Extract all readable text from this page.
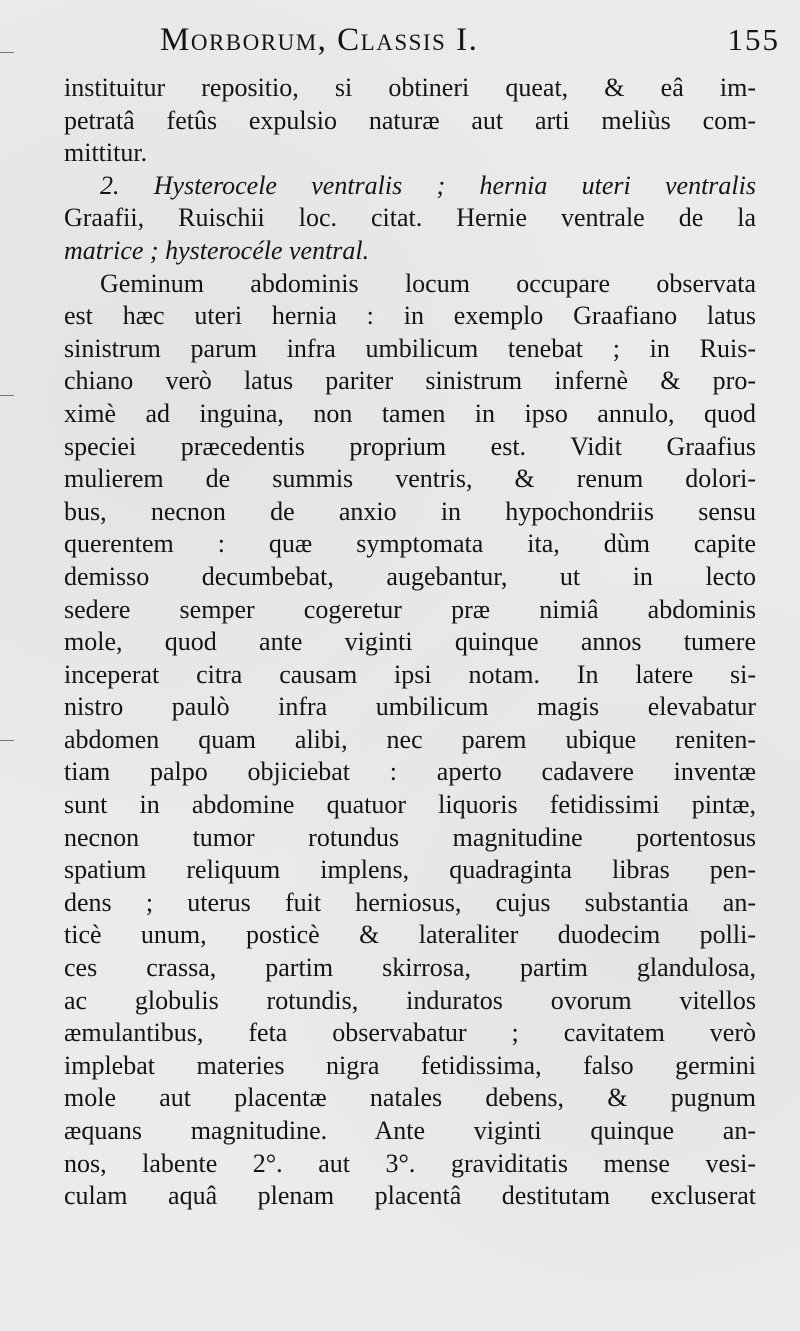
Morborum, Classis I.	155
instituitur repositio, si obtineri queat, & eâ im-
petratâ fetûs expulsio naturæ aut arti meliùs com-
mittitur.
2. Hysterocele ventralis ; hernia uteri ventralis
Graafii, Ruischii loc. citat. Hernie ventrale de la
matrice ; hysterocéle ventral.
Geminum abdominis locum occupare observata
est hæc uteri hernia : in exemplo Graafiano latus
sinistrum parum infra umbilicum tenebat ; in Ruis-
chiano verò latus pariter sinistrum infernè & pro-
ximè ad inguina, non tamen in ipso annulo, quod
speciei præcedentis proprium est. Vidit Graafius
mulierem de summis ventris, & renum dolori-
bus, necnon de anxio in hypochondriis sensu
querentem : quæ symptomata ita, dùm capite
demisso decumbebat, augebantur, ut in lecto
sedere semper cogeretur præ nimiâ abdominis
mole, quod ante viginti quinque annos tumere
inceperat citra causam ipsi notam. In latere si-
nistro paulò infra umbilicum magis elevabatur
abdomen quam alibi, nec parem ubique reniten-
tiam palpo objiciebat : aperto cadavere inventæ
sunt in abdomine quatuor liquoris fetidissimi pintæ,
necnon tumor rotundus magnitudine portentosus
spatium reliquum implens, quadraginta libras pen-
dens ; uterus fuit herniosus, cujus substantia an-
ticè unum, posticè & lateraliter duodecim polli-
ces crassa, partim skirrosa, partim glandulosa,
ac globulis rotundis, induratos ovorum vitellos
æmulantibus, feta observabatur ; cavitatem verò
implebat materies nigra fetidissima, falso germini
mole aut placentæ natales debens, & pugnum
æquans magnitudine. Ante viginti quinque an-
nos, labente 2°. aut 3°. graviditatis mense vesi-
culam aquâ plenam placentâ destitutam excluserat
